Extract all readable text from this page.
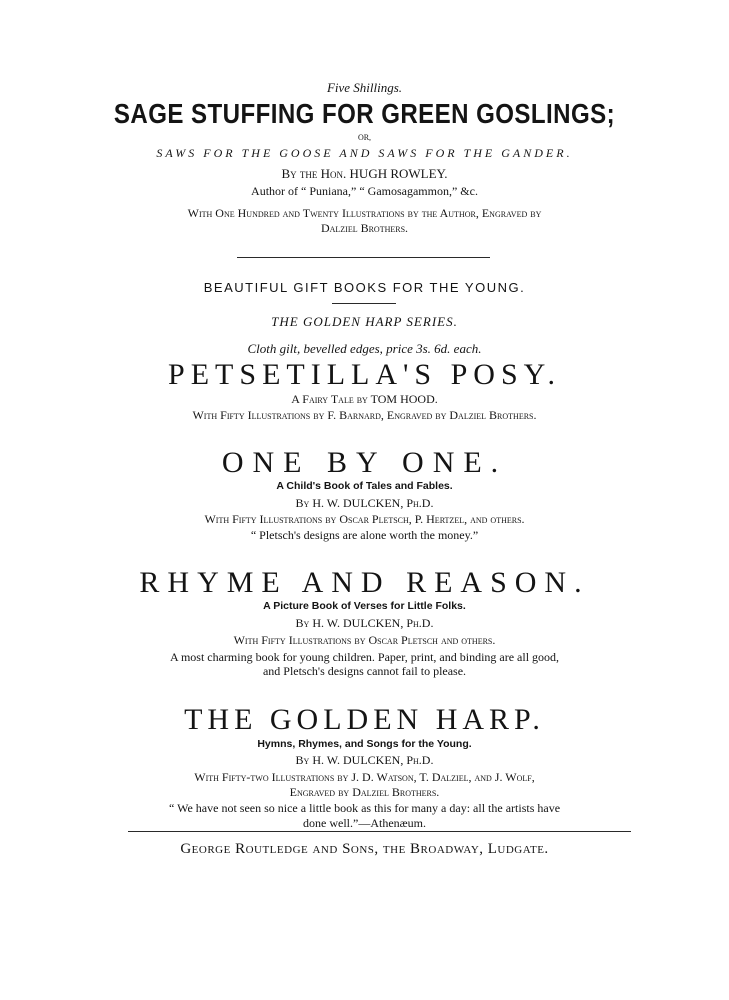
Five Shillings.
SAGE STUFFING FOR GREEN GOSLINGS;
OR,
SAWS FOR THE GOOSE AND SAWS FOR THE GANDER.
By the Hon. HUGH ROWLEY.
Author of “ Puniana,” “ Gamosagammon,” &c.
With One Hundred and Twenty Illustrations by the Author, Engraved by
Dalziel Brothers.
BEAUTIFUL GIFT BOOKS FOR THE YOUNG.
THE GOLDEN HARP SERIES.
Cloth gilt, bevelled edges, price 3s. 6d. each.
PETSETILLA'S POSY.
A Fairy Tale by TOM HOOD.
With Fifty Illustrations by F. Barnard, Engraved by Dalziel Brothers.
ONE BY ONE.
A Child's Book of Tales and Fables.
By H. W. DULCKEN, Ph.D.
With Fifty Illustrations by Oscar Pletsch, P. Hertzel, and others.
“ Pletsch's designs are alone worth the money.”
RHYME AND REASON.
A Picture Book of Verses for Little Folks.
By H. W. DULCKEN, Ph.D.
With Fifty Illustrations by Oscar Pletsch and others.
A most charming book for young children. Paper, print, and binding are all good,
and Pletsch's designs cannot fail to please.
THE GOLDEN HARP.
Hymns, Rhymes, and Songs for the Young.
By H. W. DULCKEN, Ph.D.
With Fifty-two Illustrations by J. D. Watson, T. Dalziel, and J. Wolf,
Engraved by Dalziel Brothers.
“ We have not seen so nice a little book as this for many a day: all the artists have
done well.”—Athenæum.
George Routledge and Sons, the Broadway, Ludgate.
